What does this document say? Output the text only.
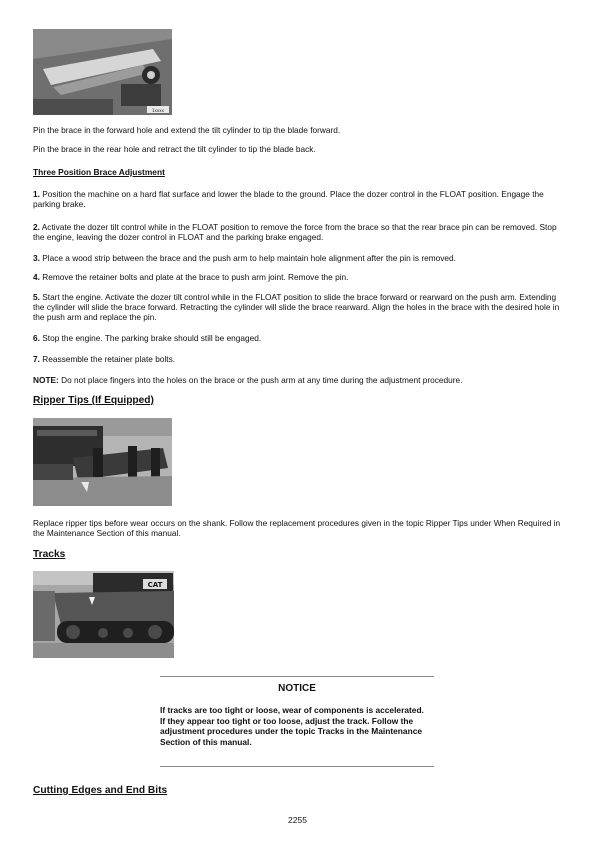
1xxxx

Pin the brace in the forward hole and extend the tilt cylinder to tip the blade forward.

Pin the brace in the rear hole and retract the tilt cylinder to tip the blade back.

Three Position Brace Adjustment

1. Position the machine on a hard flat surface and lower the blade to the ground. Place the dozer control in the FLOAT position. Engage the parking brake.

2. Activate the dozer tilt control while in the FLOAT position to remove the force from the brace so that the rear brace pin can be removed. Stop the engine, leaving the dozer control in FLOAT and the parking brake engaged.

3. Place a wood strip between the brace and the push arm to help maintain hole alignment after the pin is removed.

4. Remove the retainer bolts and plate at the brace to push arm joint. Remove the pin.

5. Start the engine. Activate the dozer tilt control while in the FLOAT position to slide the brace forward or rearward on the push arm. Extending the cylinder will slide the brace forward. Retracting the cylinder will slide the brace rearward. Align the holes in the brace with the desired hole in the push arm and replace the pin.

6. Stop the engine. The parking brake should still be engaged.

7. Reassemble the retainer plate bolts.

NOTE: Do not place fingers into the holes on the brace or the push arm at any time during the adjustment procedure.

Ripper Tips (If Equipped)

Replace ripper tips before wear occurs on the shank. Follow the replacement procedures given in the topic Ripper Tips under When Required in the Maintenance Section of this manual.

Tracks

CAT

NOTICE

If tracks are too tight or loose, wear of components is accelerated. If they appear too tight or too loose, adjust the track. Follow the adjustment procedures under the topic Tracks in the Maintenance Section of this manual.

Cutting Edges and End Bits

2255
